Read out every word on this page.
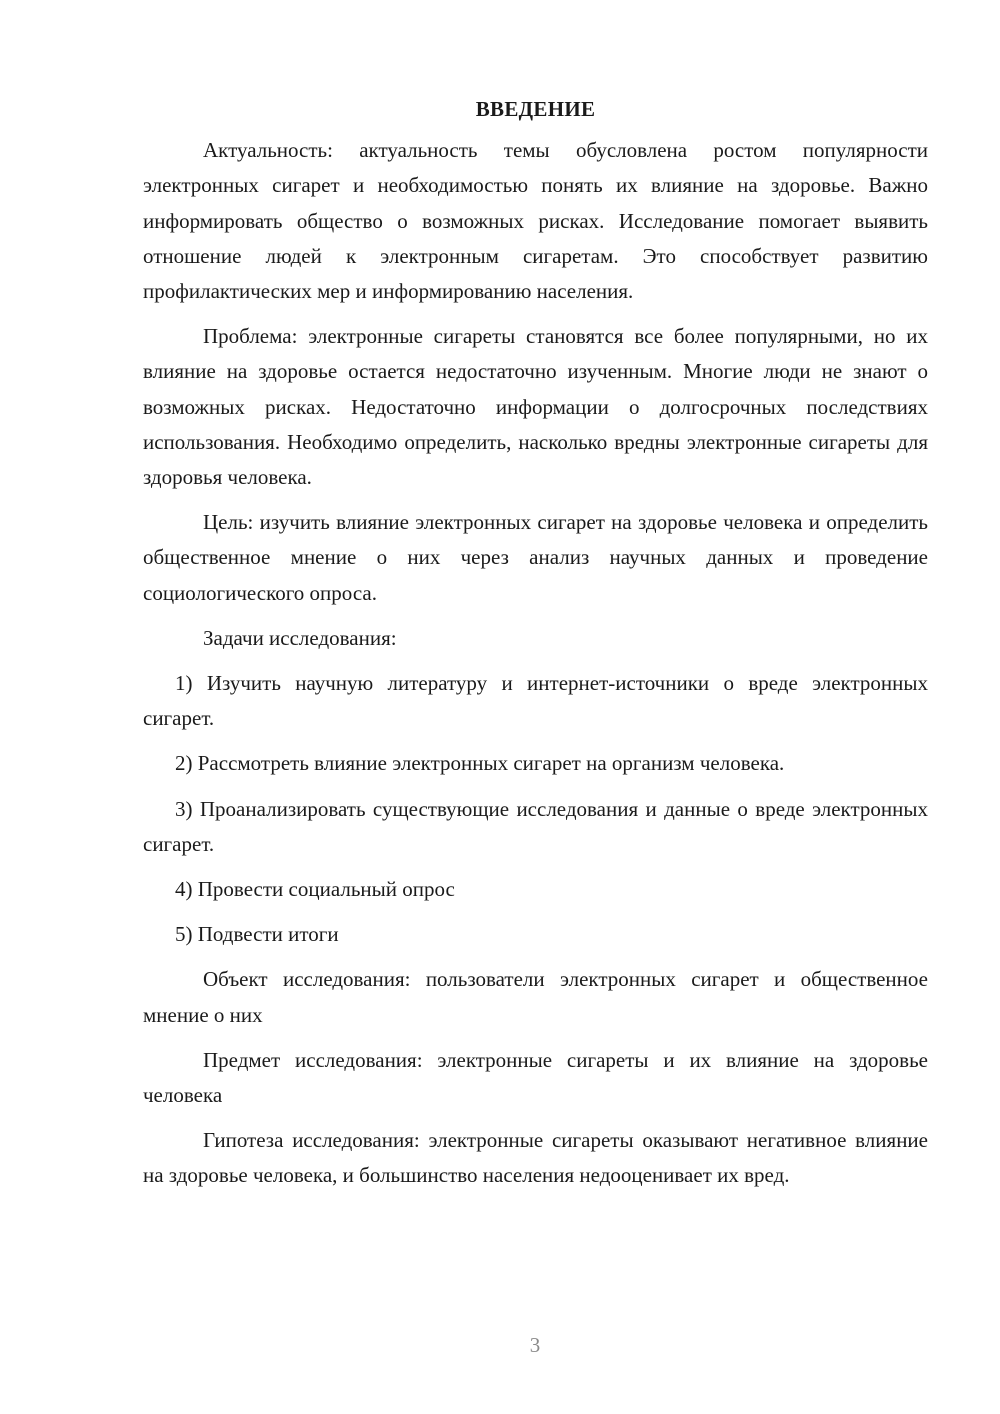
ВВЕДЕНИЕ

Актуальность: актуальность темы обусловлена ростом популярности электронных сигарет и необходимостью понять их влияние на здоровье. Важно информировать общество о возможных рисках. Исследование помогает выявить отношение людей к электронным сигаретам. Это способствует развитию профилактических мер и информированию населения.

Проблема: электронные сигареты становятся все более популярными, но их влияние на здоровье остается недостаточно изученным. Многие люди не знают о возможных рисках. Недостаточно информации о долгосрочных последствиях использования. Необходимо определить, насколько вредны электронные сигареты для здоровья человека.

Цель: изучить влияние электронных сигарет на здоровье человека и определить общественное мнение о них через анализ научных данных и проведение социологического опроса.

Задачи исследования:

1) Изучить научную литературу и интернет-источники о вреде электронных сигарет.

2) Рассмотреть влияние электронных сигарет на организм человека.

3) Проанализировать существующие исследования и данные о вреде электронных сигарет.

4) Провести социальный опрос

5) Подвести итоги

Объект исследования: пользователи электронных сигарет и общественное мнение о них

Предмет исследования: электронные сигареты и их влияние на здоровье человека

Гипотеза исследования: электронные сигареты оказывают негативное влияние на здоровье человека, и большинство населения недооценивает их вред.

3
